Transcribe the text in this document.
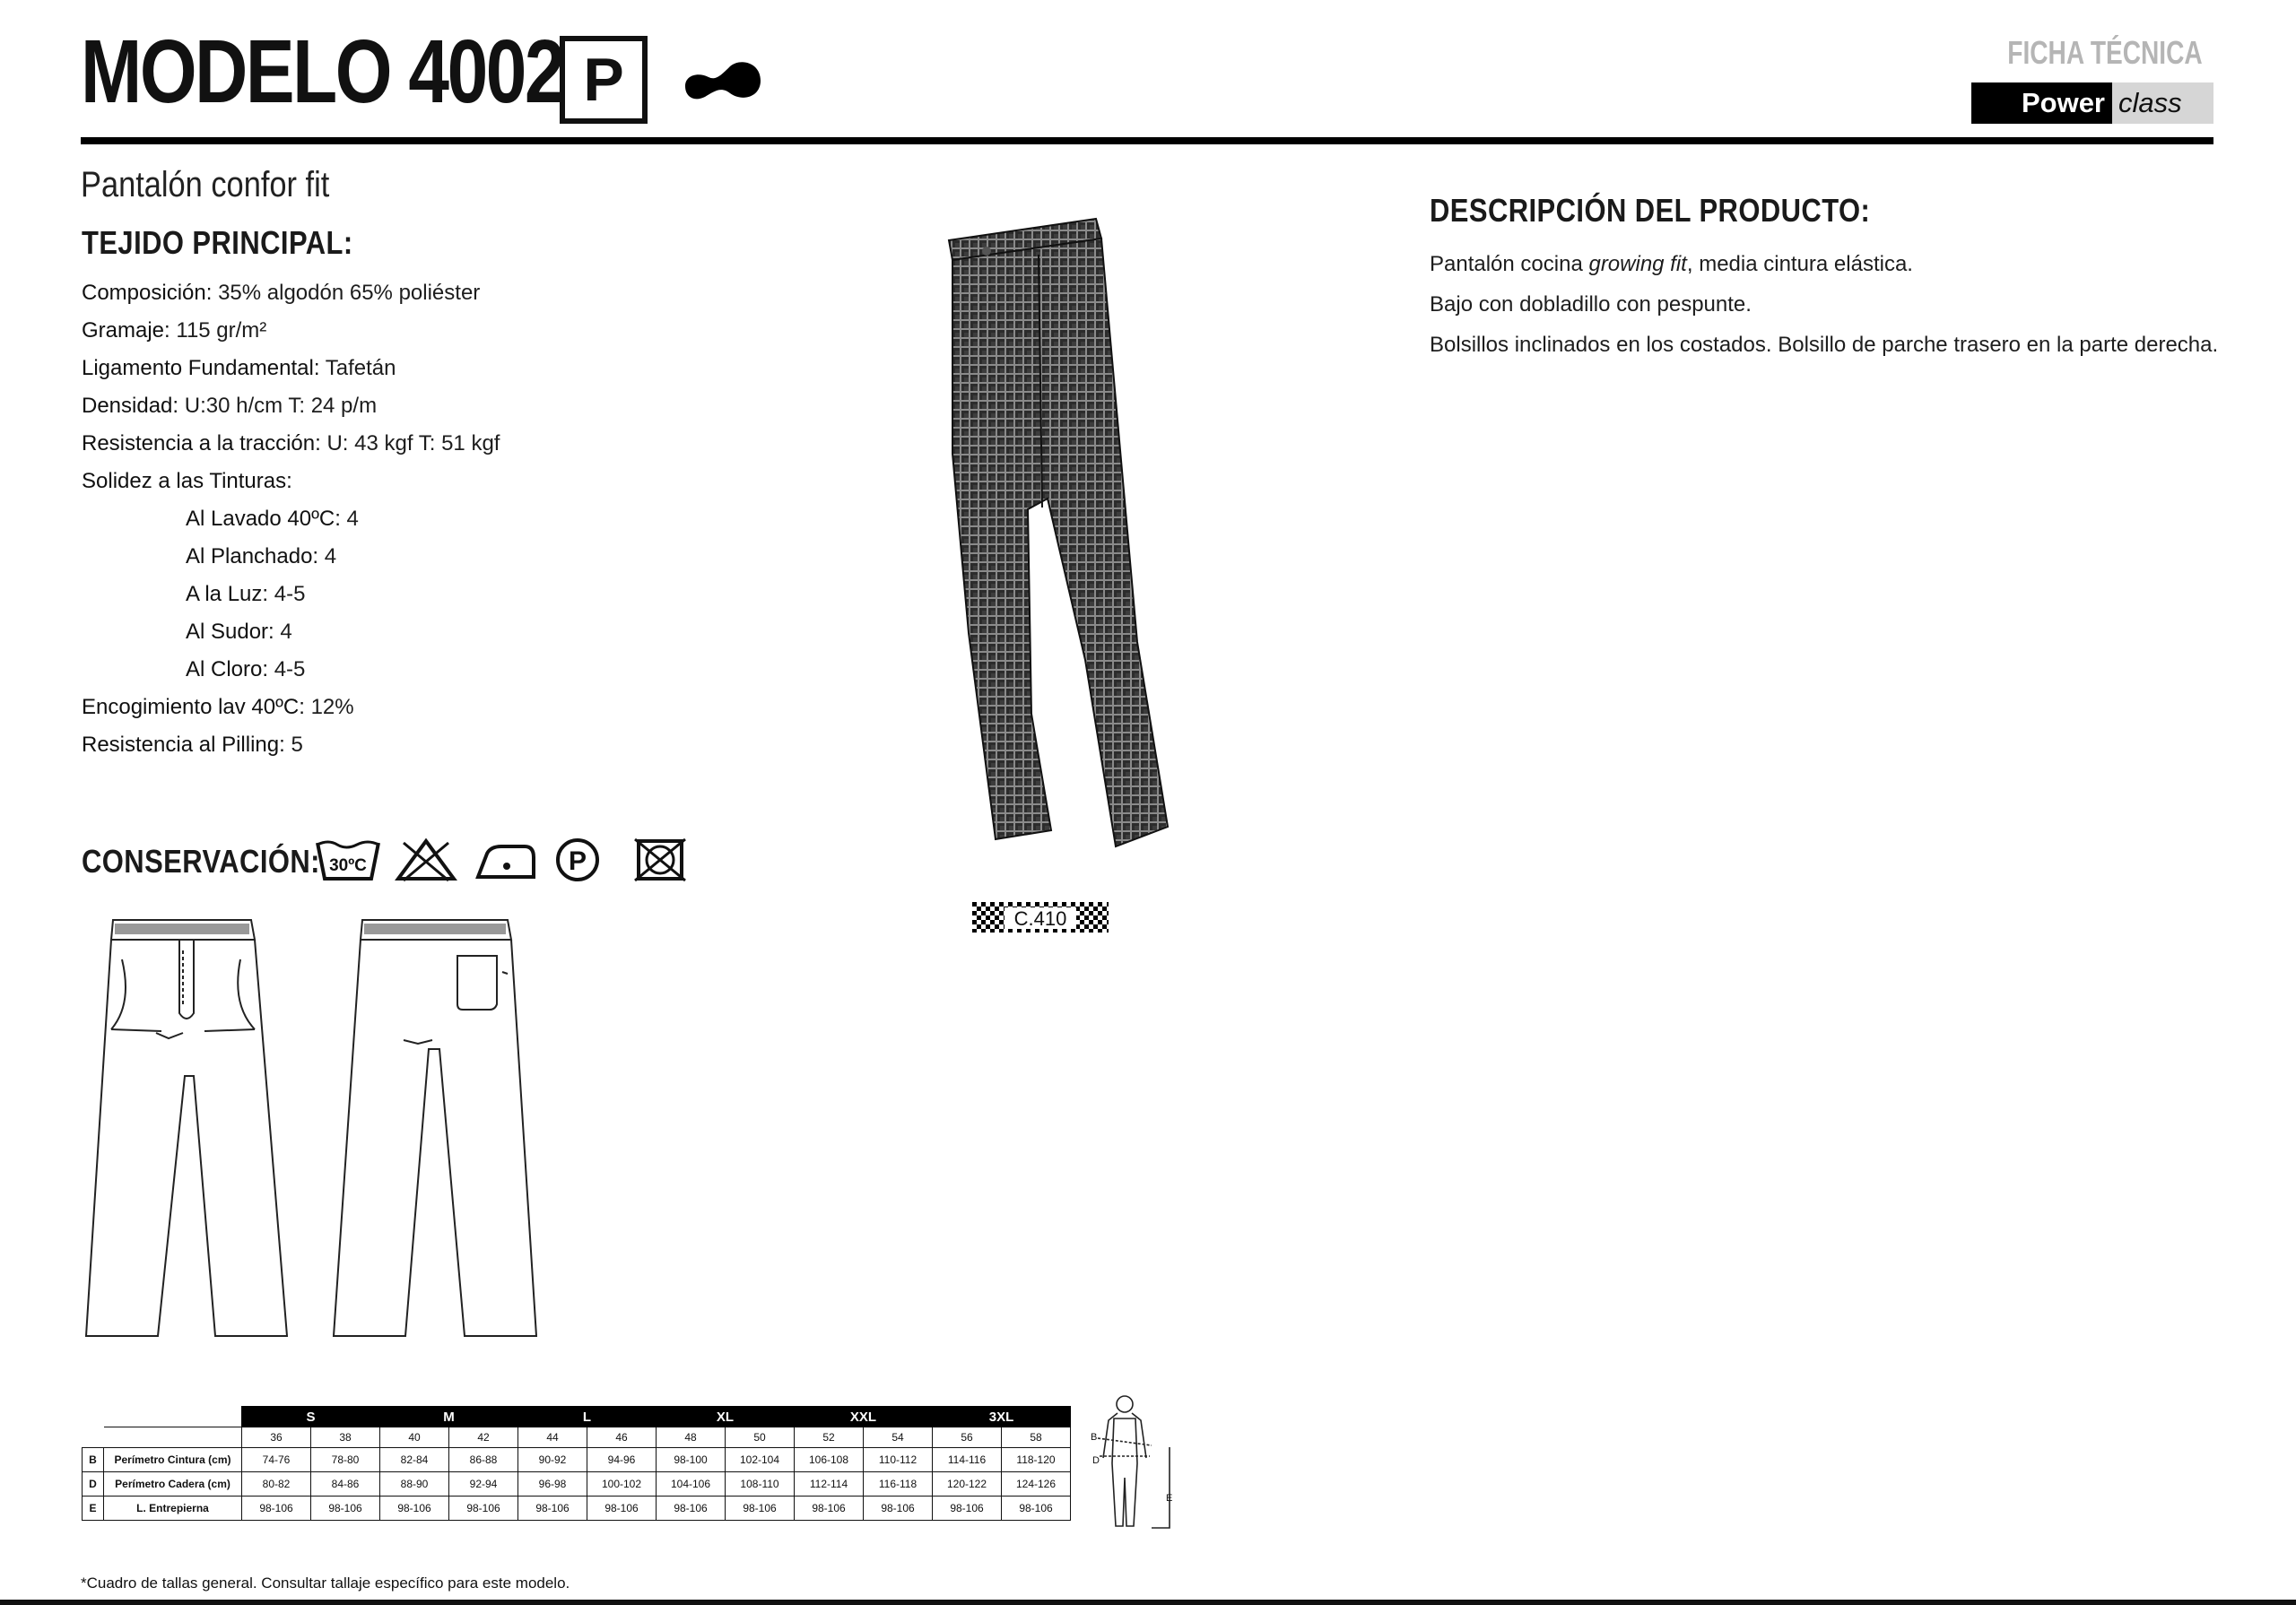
MODELO 4002 P	FICHA TÉCNICA
Power class
Pantalón confor fit
TEJIDO PRINCIPAL:
Composición: 35% algodón 65% poliéster
Gramaje: 115 gr/m²
Ligamento Fundamental: Tafetán
Densidad: U:30 h/cm T: 24 p/m
Resistencia a la tracción: U: 43 kgf T: 51 kgf
Solidez a las Tinturas:
Al Lavado 40ºC: 4
Al Planchado: 4
A la Luz: 4-5
Al Sudor: 4
Al Cloro: 4-5
Encogimiento lav 40ºC: 12%
Resistencia al Pilling: 5
CONSERVACIÓN: 30ºC
	P

C.410
DESCRIPCIÓN DEL PRODUCTO:
Pantalón cocina growing fit, media cintura elástica.
Bajo con dobladillo con pespunte.
Bolsillos inclinados en los costados. Bolsillo de parche trasero en la parte derecha.
		S		M		L		XL		XXL		3XL	
		36	38	40	42	44	46	48	50	52	54	56	58
B	Perímetro Cintura (cm)	74-76	78-80	82-84	86-88	90-92	94-96	98-100	102-104	106-108	110-112	114-116	118-120
D	Perímetro Cadera (cm)	80-82	84-86	88-90	92-94	96-98	100-102	104-106	108-110	112-114	116-118	120-122	124-126
E	L. Entrepierna	98-106	98-106	98-106	98-106	98-106	98-106	98-106	98-106	98-106	98-106	98-106	98-106
B
D
E
*Cuadro de tallas general. Consultar tallaje específico para este modelo.
